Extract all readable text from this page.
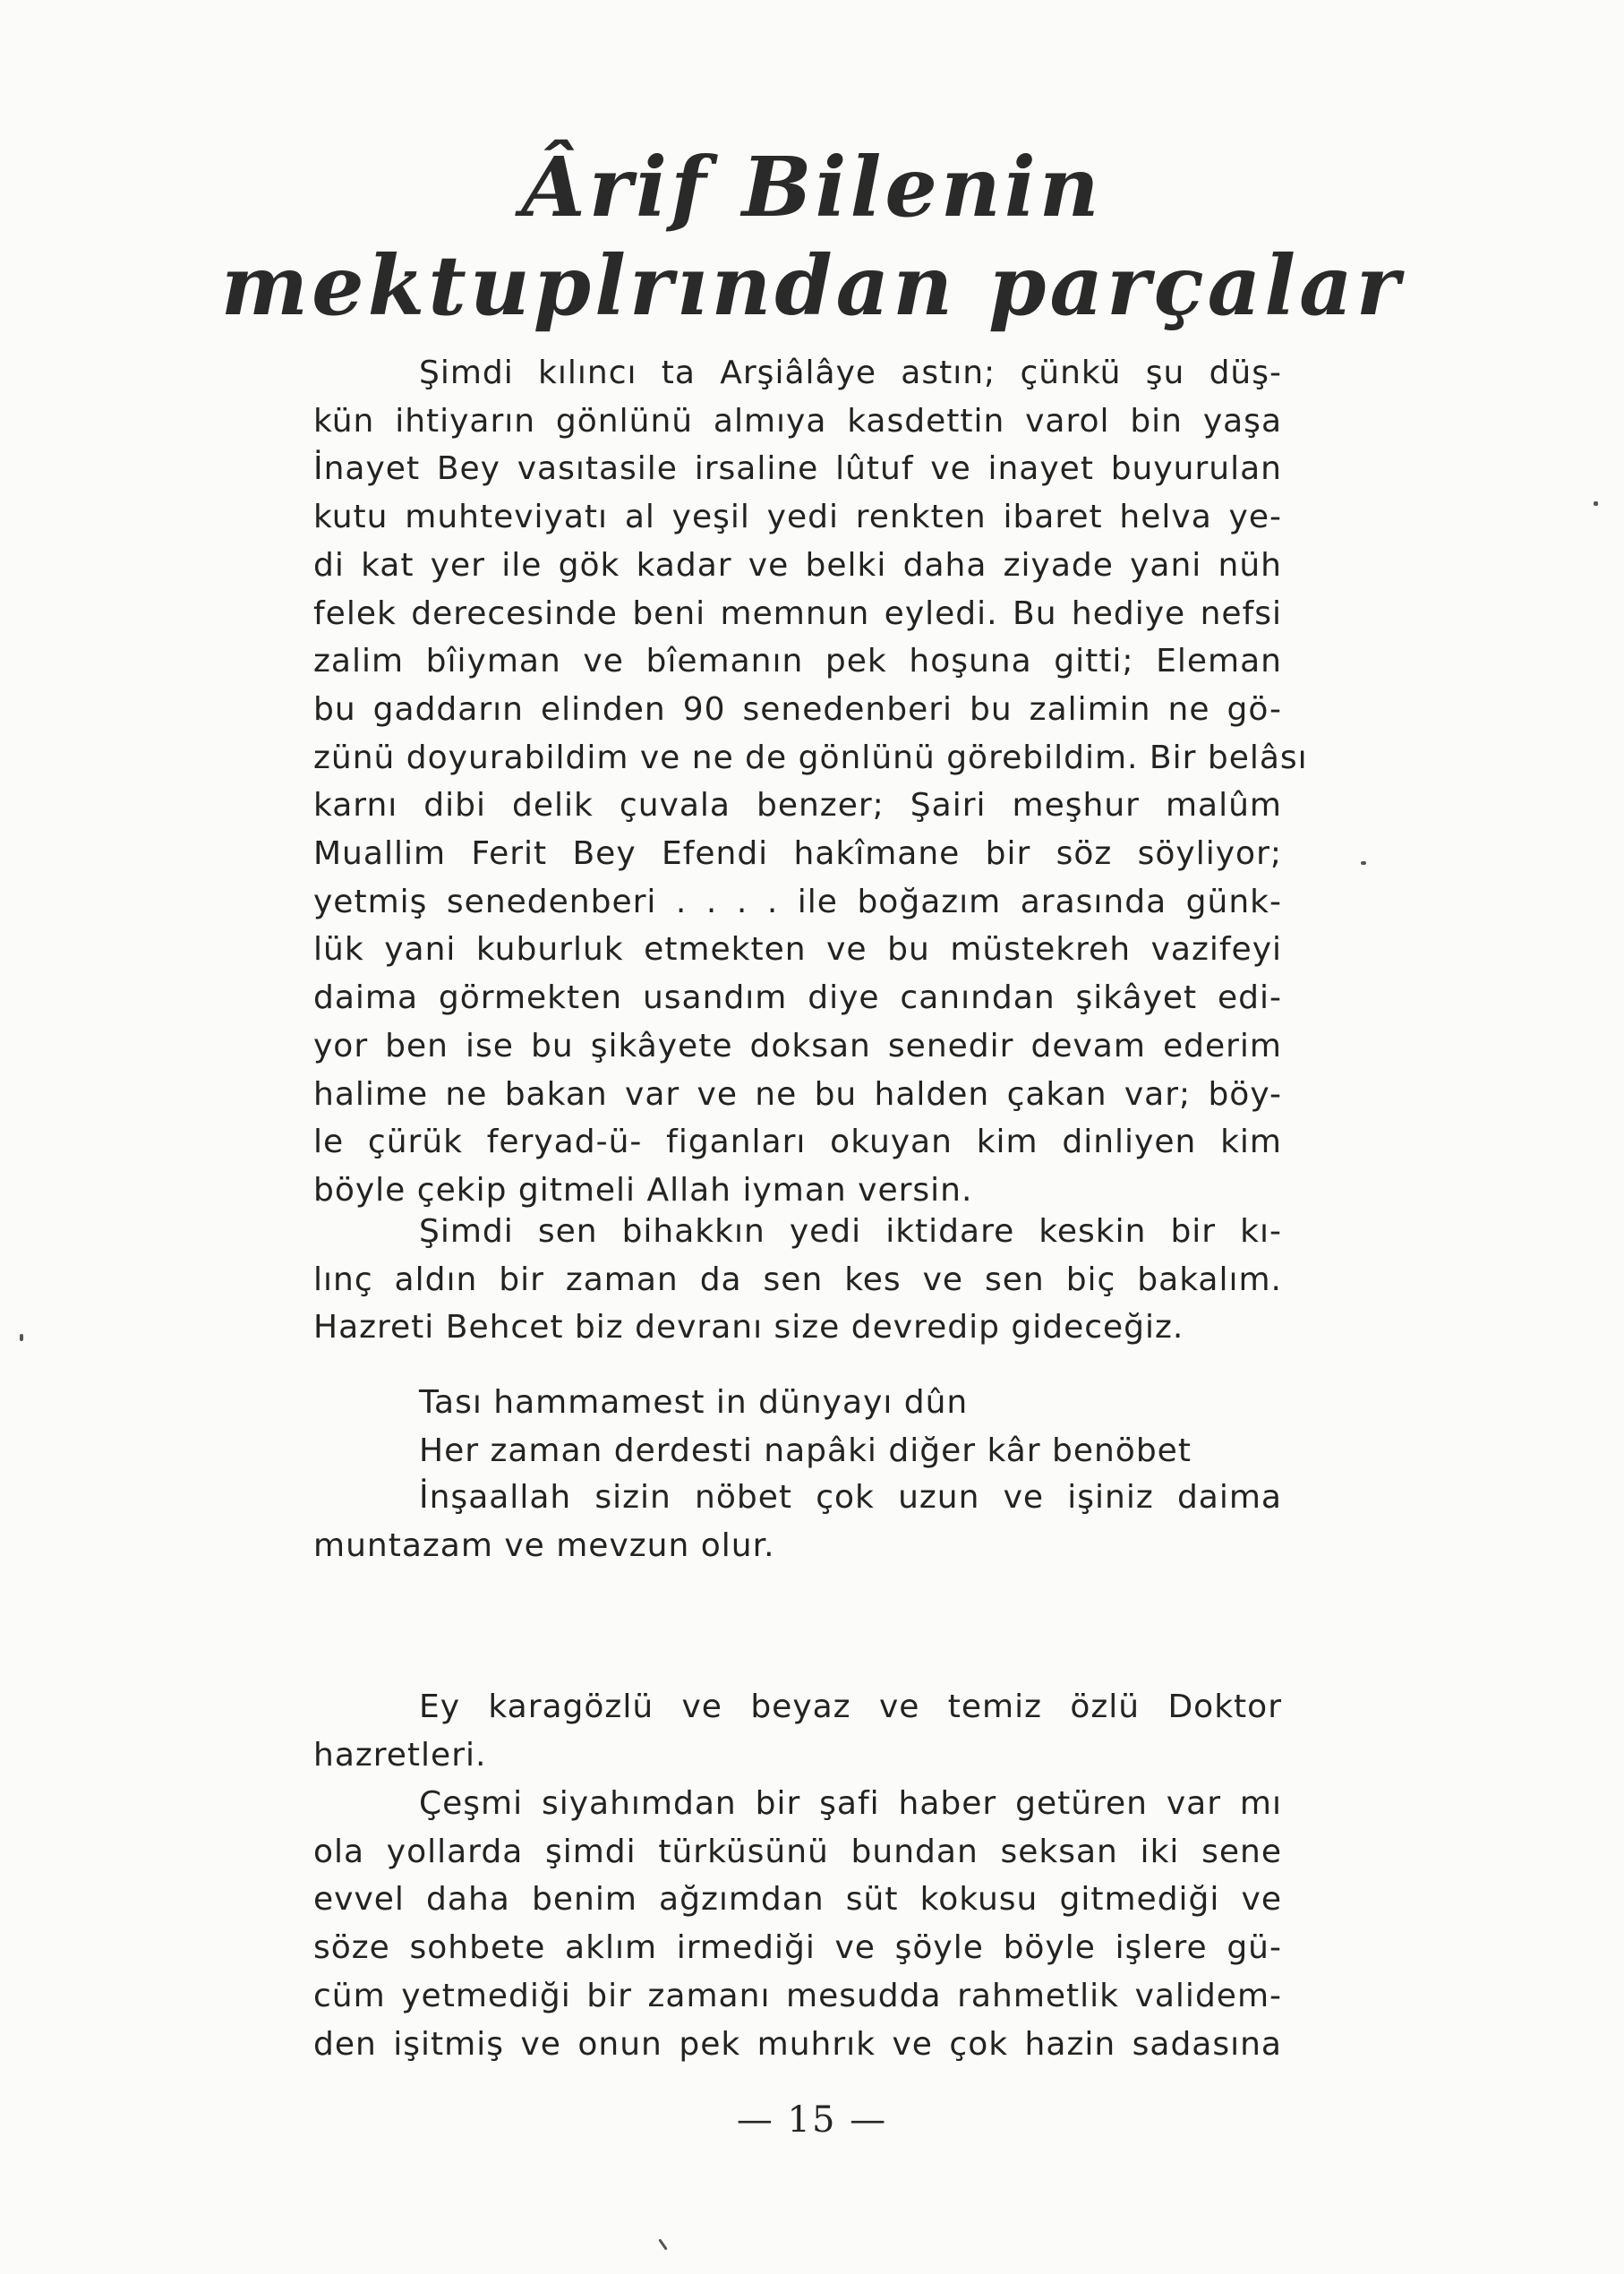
Ârif Bilenin
mektuplrından parçalar
Şimdi kılıncı ta Arşiâlâye astın; çünkü şu düş-
kün ihtiyarın gönlünü almıya kasdettin varol bin yaşa
İnayet Bey vasıtasile irsaline lûtuf ve inayet buyurulan
kutu muhteviyatı al yeşil yedi renkten ibaret helva ye-
di kat yer ile gök kadar ve belki daha ziyade yani nüh
felek derecesinde beni memnun eyledi. Bu hediye nefsi
zalim bîiyman ve bîemanın pek hoşuna gitti; Eleman
bu gaddarın elinden 90 senedenberi bu zalimin ne gö-
zünü doyurabildim ve ne de gönlünü görebildim. Bir belâsı
karnı dibi delik çuvala benzer; Şairi meşhur malûm
Muallim Ferit Bey Efendi hakîmane bir söz söyliyor;
yetmiş senedenberi . . . . ile boğazım arasında günk-
lük yani kuburluk etmekten ve bu müstekreh vazifeyi
daima görmekten usandım diye canından şikâyet edi-
yor ben ise bu şikâyete doksan senedir devam ederim
halime ne bakan var ve ne bu halden çakan var; böy-
le çürük feryad-ü- figanları okuyan kim dinliyen kim
böyle çekip gitmeli Allah iyman versin.
Şimdi sen bihakkın yedi iktidare keskin bir kı-
lınç aldın bir zaman da sen kes ve sen biç bakalım.
Hazreti Behcet biz devranı size devredip gideceğiz.
Tası hammamest in dünyayı dûn
Her zaman derdesti napâki diğer kâr benöbet
İnşaallah sizin nöbet çok uzun ve işiniz daima
muntazam ve mevzun olur.
Ey karagözlü ve beyaz ve temiz özlü Doktor
hazretleri.
Çeşmi siyahımdan bir şafi haber getüren var mı
ola yollarda şimdi türküsünü bundan seksan iki sene
evvel daha benim ağzımdan süt kokusu gitmediği ve
söze sohbete aklım irmediği ve şöyle böyle işlere gü-
cüm yetmediği bir zamanı mesudda rahmetlik validem-
den işitmiş ve onun pek muhrık ve çok hazin sadasına
— 15 —
